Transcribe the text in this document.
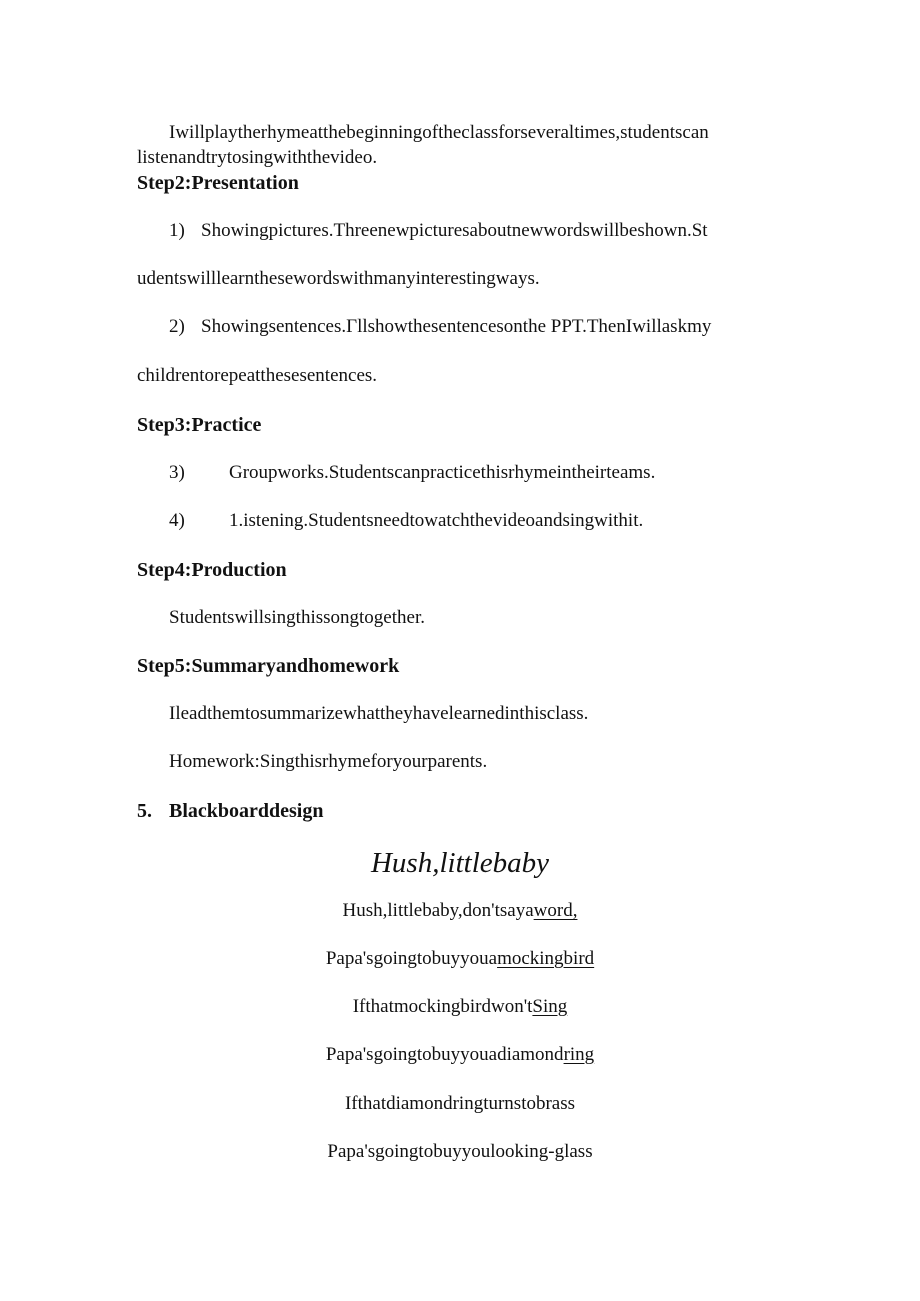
Iwillplaytherhymeatthebeginningoftheclassforseveraltimes,studentscan
listenandtrytosingwiththevideo.
Step2:Presentation
1) Showingpictures.Threenewpicturesaboutnewwordswillbeshown.St
udentswilllearnthesewordswithmanyinterestingways.
2) Showingsentences.Γllshowthesentencesonthe PPT.ThenIwillaskmy
childrentorepeatthesesentences.
Step3:Practice
3) Groupworks.Studentscanpracticethisrhymeintheirteams.
4) 1.istening.Studentsneedtowatchthevideoandsingwithit.
Step4:Production
Studentswillsingthissongtogether.
Step5:Summaryandhomework
Ileadthemtosummarizewhattheyhavelearnedinthisclass.
Homework:Singthisrhymeforyourparents.
5. Blackboarddesign
Hush,littlebaby
Hush,littlebaby,don'tsayaword,
Papa'sgoingtobuyyouamockingbird
Ifthatmockingbirdwon'tSing
Papa'sgoingtobuyyouadiamondring
Ifthatdiamondringturnstobrass
Papa'sgoingtobuyyoulooking-glass
